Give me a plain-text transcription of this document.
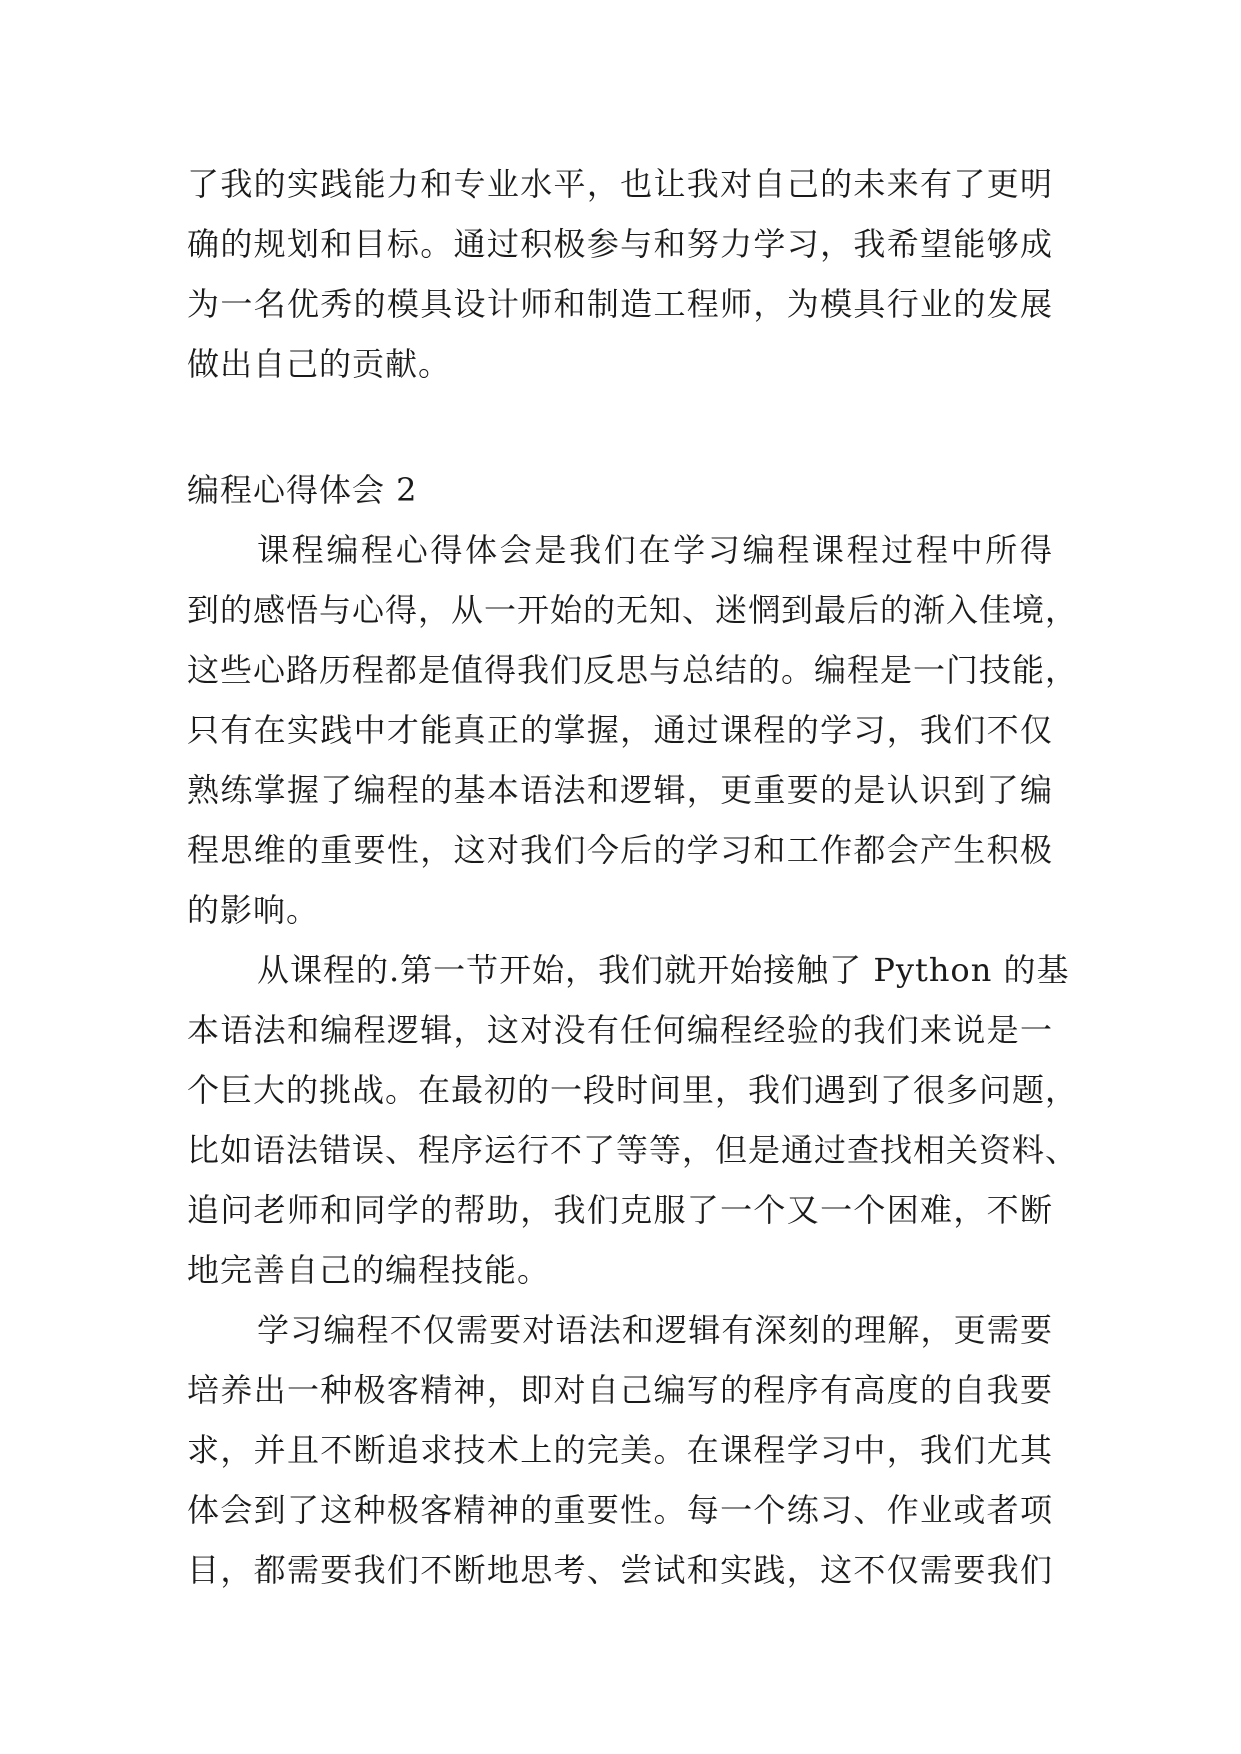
了我的实践能力和专业水平，也让我对自己的未来有了更明
确的规划和目标。通过积极参与和努力学习，我希望能够成
为一名优秀的模具设计师和制造工程师，为模具行业的发展
做出自己的贡献。
编程心得体会 2
课程编程心得体会是我们在学习编程课程过程中所得
到的感悟与心得，从一开始的无知、迷惘到最后的渐入佳境，
这些心路历程都是值得我们反思与总结的。编程是一门技能，
只有在实践中才能真正的掌握，通过课程的学习，我们不仅
熟练掌握了编程的基本语法和逻辑，更重要的是认识到了编
程思维的重要性，这对我们今后的学习和工作都会产生积极
的影响。
从课程的.第一节开始，我们就开始接触了 Python 的基
本语法和编程逻辑，这对没有任何编程经验的我们来说是一
个巨大的挑战。在最初的一段时间里，我们遇到了很多问题，
比如语法错误、程序运行不了等等，但是通过查找相关资料、
追问老师和同学的帮助，我们克服了一个又一个困难，不断
地完善自己的编程技能。
学习编程不仅需要对语法和逻辑有深刻的理解，更需要
培养出一种极客精神，即对自己编写的程序有高度的自我要
求，并且不断追求技术上的完美。在课程学习中，我们尤其
体会到了这种极客精神的重要性。每一个练习、作业或者项
目，都需要我们不断地思考、尝试和实践，这不仅需要我们
